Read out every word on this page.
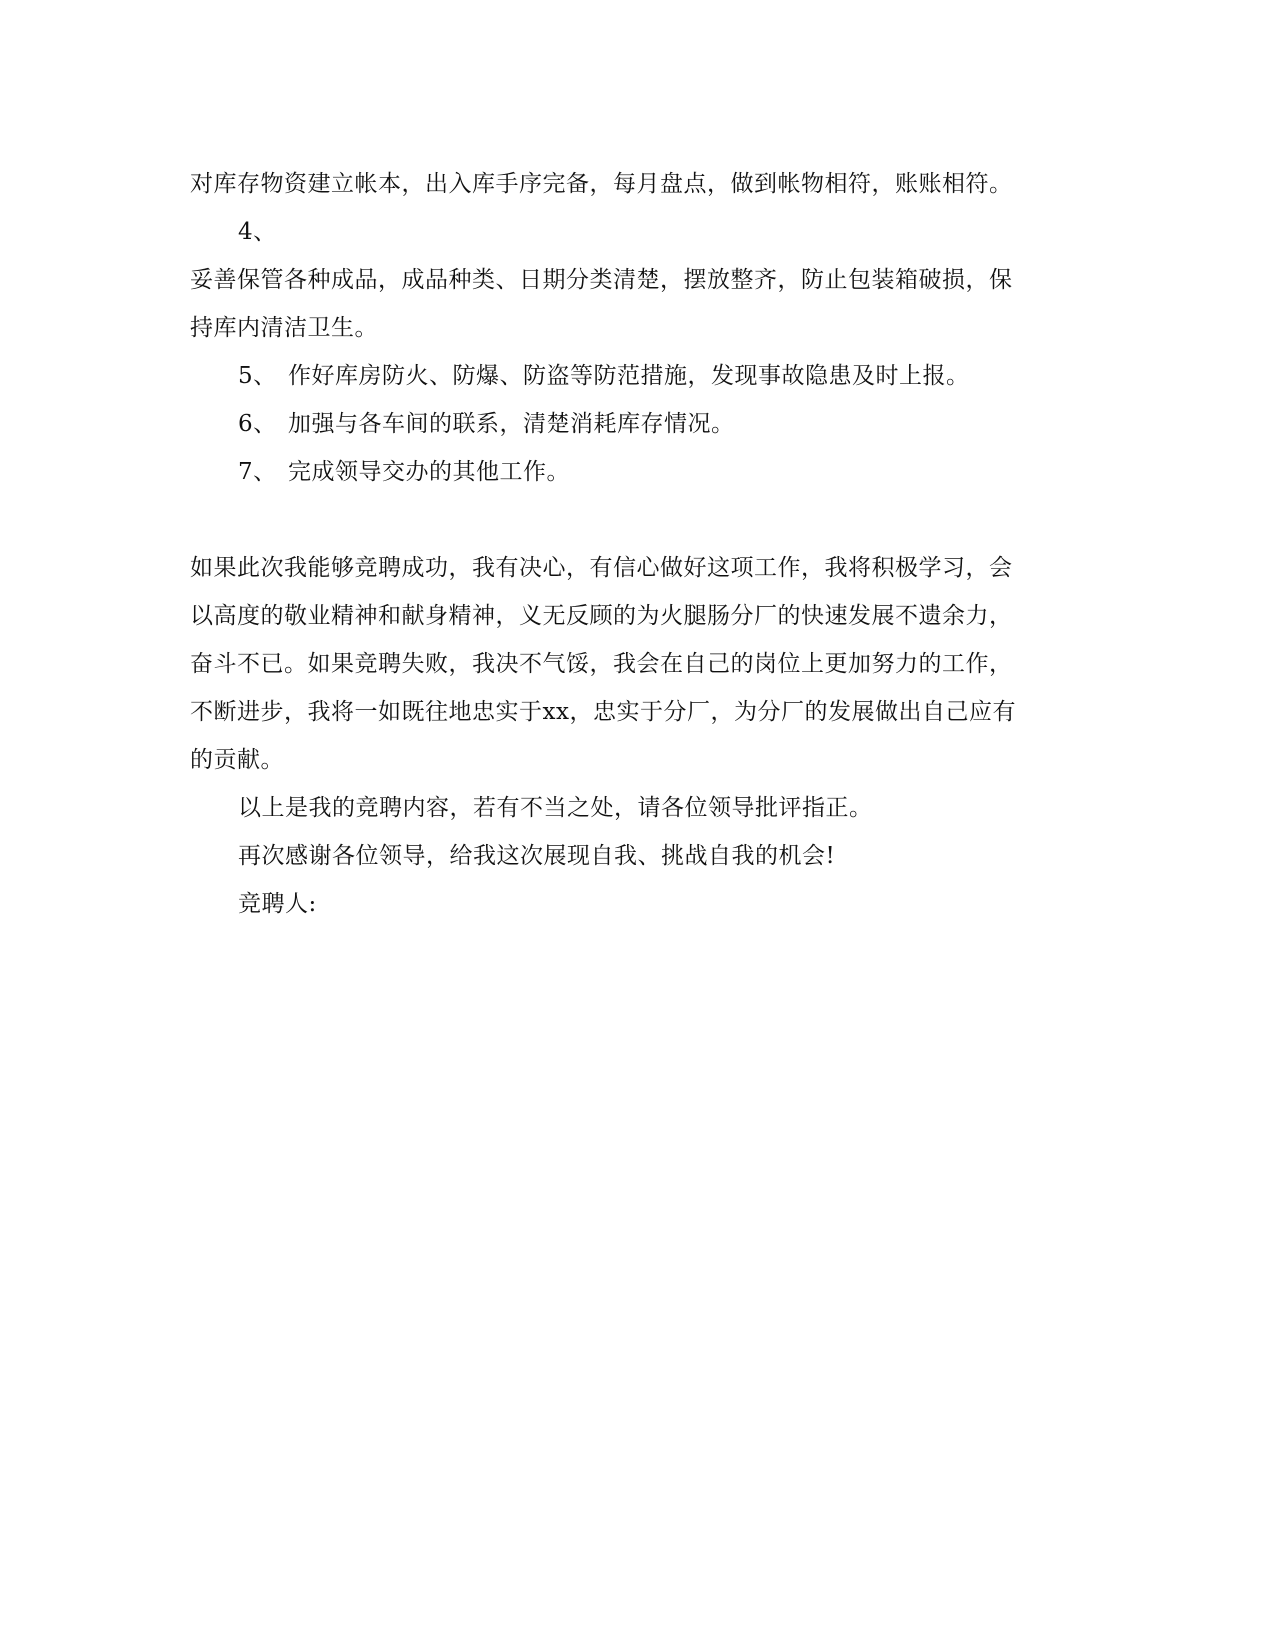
对库存物资建立帐本，出入库手序完备，每月盘点，做到帐物相符，账账相符。
4、
妥善保管各种成品，成品种类、日期分类清楚，摆放整齐，防止包装箱破损，保
持库内清洁卫生。
5、 作好库房防火、防爆、防盗等防范措施，发现事故隐患及时上报。
6、 加强与各车间的联系，清楚消耗库存情况。
7、 完成领导交办的其他工作。
如果此次我能够竞聘成功，我有决心，有信心做好这项工作，我将积极学习，会
以高度的敬业精神和献身精神，义无反顾的为火腿肠分厂的快速发展不遗余力，
奋斗不已。如果竞聘失败，我决不气馁，我会在自己的岗位上更加努力的工作，
不断进步，我将一如既往地忠实于xx，忠实于分厂，为分厂的发展做出自己应有
的贡献。
以上是我的竞聘内容，若有不当之处，请各位领导批评指正。
再次感谢各位领导，给我这次展现自我、挑战自我的机会!
竞聘人:
